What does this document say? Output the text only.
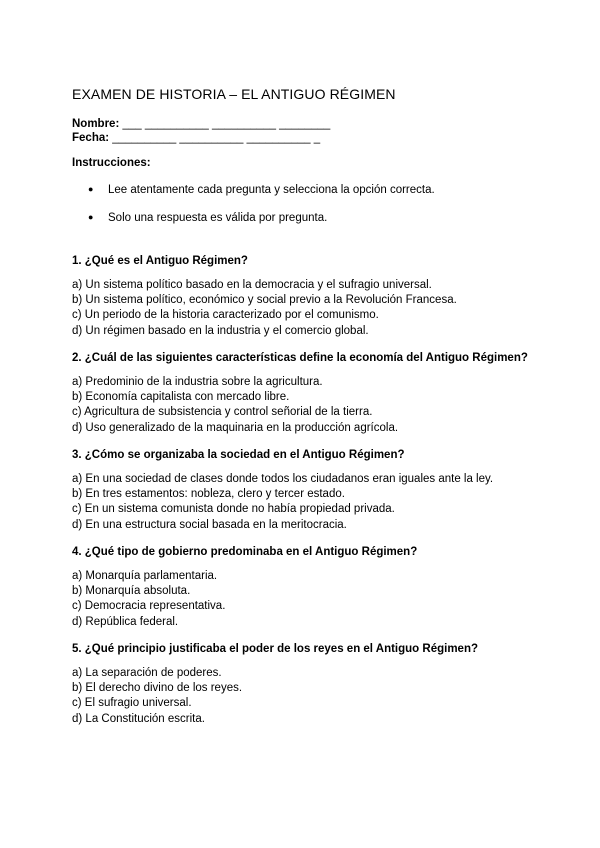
EXAMEN DE HISTORIA – EL ANTIGUO RÉGIMEN
Nombre: ___ __________ __________ ________
Fecha: __________ __________ __________ _
Instrucciones:
● Lee atentamente cada pregunta y selecciona la opción correcta.
● Solo una respuesta es válida por pregunta.
1. ¿Qué es el Antiguo Régimen?
a) Un sistema político basado en la democracia y el sufragio universal.
b) Un sistema político, económico y social previo a la Revolución Francesa.
c) Un periodo de la historia caracterizado por el comunismo.
d) Un régimen basado en la industria y el comercio global.
2. ¿Cuál de las siguientes características define la economía del Antiguo Régimen?
a) Predominio de la industria sobre la agricultura.
b) Economía capitalista con mercado libre.
c) Agricultura de subsistencia y control señorial de la tierra.
d) Uso generalizado de la maquinaria en la producción agrícola.
3. ¿Cómo se organizaba la sociedad en el Antiguo Régimen?
a) En una sociedad de clases donde todos los ciudadanos eran iguales ante la ley.
b) En tres estamentos: nobleza, clero y tercer estado.
c) En un sistema comunista donde no había propiedad privada.
d) En una estructura social basada en la meritocracia.
4. ¿Qué tipo de gobierno predominaba en el Antiguo Régimen?
a) Monarquía parlamentaria.
b) Monarquía absoluta.
c) Democracia representativa.
d) República federal.
5. ¿Qué principio justificaba el poder de los reyes en el Antiguo Régimen?
a) La separación de poderes.
b) El derecho divino de los reyes.
c) El sufragio universal.
d) La Constitución escrita.
